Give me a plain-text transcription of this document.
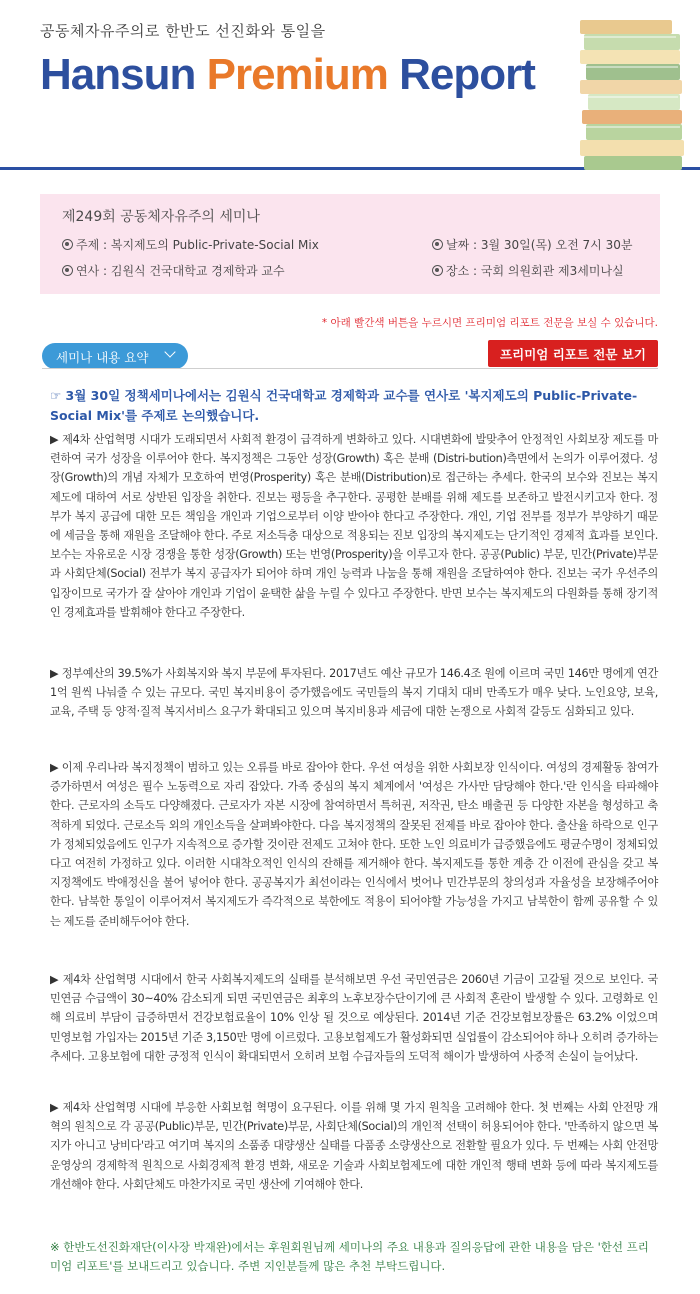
공동체자유주의로 한반도 선진화와 통일을
Hansun Premium Report
제249회 공동체자유주의 세미나
주제 : 복지제도의 Public-Private-Social Mix
연사 : 김원식 건국대학교 경제학과 교수
날짜 : 3월 30일(목) 오전 7시 30분
장소 : 국회 의원회관 제3세미나실
* 아래 빨간색 버튼을 누르시면 프리미엄 리포트 전문을 보실 수 있습니다.
세미나 내용 요약	프리미엄 리포트 전문 보기
☞ 3월 30일 정책세미나에서는 김원식 건국대학교 경제학과 교수를 연사로 '복지제도의 Public-Private-Social Mix'를 주제로 논의했습니다.
▶ 제4차 산업혁명 시대가 도래되면서 사회적 환경이 급격하게 변화하고 있다. 시대변화에 발맞추어 안정적인 사회보장 제도를 마련하여 국가 성장을 이루어야 한다. 복지정책은 그동안 성장(Growth) 혹은 분배 (Distri-bution)측면에서 논의가 이루어졌다. 성장(Growth)의 개념 자체가 모호하여 번영(Prosperity) 혹은 분배(Distribution)로 접근하는 추세다. 한국의 보수와 진보는 복지제도에 대하여 서로 상반된 입장을 취한다. 진보는 평등을 추구한다. 공평한 분배를 위해 제도를 보존하고 발전시키고자 한다. 정부가 복지 공급에 대한 모든 책임을 개인과 기업으로부터 이양 받아야 한다고 주장한다. 개인, 기업 전부를 정부가 부양하기 때문에 세금을 통해 재원을 조달해야 한다. 주로 저소득층 대상으로 적용되는 진보 입장의 복지제도는 단기적인 경제적 효과를 보인다. 보수는 자유로운 시장 경쟁을 통한 성장(Growth) 또는 번영(Prosperity)을 이루고자 한다. 공공(Public) 부문, 민간(Private)부문과 사회단체(Social) 전부가 복지 공급자가 되어야 하며 개인 능력과 나눔을 통해 재원을 조달하여야 한다. 진보는 국가 우선주의 입장이므로 국가가 잘 살아야 개인과 기업이 윤택한 삶을 누릴 수 있다고 주장한다. 반면 보수는 복지제도의 다원화를 통해 장기적인 경제효과를 발휘해야 한다고 주장한다.
▶ 정부예산의 39.5%가 사회복지와 복지 부문에 투자된다. 2017년도 예산 규모가 146.4조 원에 이르며 국민 146만 명에게 연간 1억 원씩 나눠줄 수 있는 규모다. 국민 복지비용이 증가했음에도 국민들의 복지 기대치 대비 만족도가 매우 낮다. 노인요양, 보육, 교육, 주택 등 양적·질적 복지서비스 요구가 확대되고 있으며 복지비용과 세금에 대한 논쟁으로 사회적 갈등도 심화되고 있다.
▶ 이제 우리나라 복지정책이 범하고 있는 오류를 바로 잡아야 한다. 우선 여성을 위한 사회보장 인식이다. 여성의 경제활동 참여가 증가하면서 여성은 필수 노동력으로 자리 잡았다. 가족 중심의 복지 체계에서 '여성은 가사만 담당해야 한다.'란 인식을 타파해야 한다. 근로자의 소득도 다양해졌다. 근로자가 자본 시장에 참여하면서 특허권, 저작권, 탄소 배출권 등 다양한 자본을 형성하고 축적하게 되었다. 근로소득 외의 개인소득을 살펴봐야한다. 다음 복지정책의 잘못된 전제를 바로 잡아야 한다. 출산율 하락으로 인구가 정체되었음에도 인구가 지속적으로 증가할 것이란 전제도 고쳐야 한다. 또한 노인 의료비가 급증했음에도 평균수명이 정체되었다고 여전히 가정하고 있다. 이러한 시대착오적인 인식의 잔해를 제거해야 한다. 복지제도를 통한 계층 간 이전에 관심을 갖고 복지정책에도 박애정신을 불어 넣어야 한다. 공공복지가 최선이라는 인식에서 벗어나 민간부문의 창의성과 자율성을 보장해주어야 한다. 남북한 통일이 이루어져서 복지제도가 즉각적으로 북한에도 적용이 되어야할 가능성을 가지고 남북한이 함께 공유할 수 있는 제도를 준비해두어야 한다.
▶ 제4차 산업혁명 시대에서 한국 사회복지제도의 실태를 분석해보면 우선 국민연금은 2060년 기금이 고갈될 것으로 보인다. 국민연금 수급액이 30~40% 감소되게 되면 국민연금은 최후의 노후보장수단이기에 큰 사회적 혼란이 발생할 수 있다. 고령화로 인해 의료비 부담이 급증하면서 건강보험료율이 10% 인상 될 것으로 예상된다. 2014년 기준 건강보험보장률은 63.2% 이었으며 민영보험 가입자는 2015년 기준 3,150만 명에 이르렀다. 고용보험제도가 활성화되면 실업률이 감소되어야 하나 오히려 증가하는 추세다. 고용보험에 대한 긍정적 인식이 확대되면서 오히려 보험 수급자들의 도덕적 해이가 발생하여 사중적 손실이 늘어났다.
▶ 제4차 산업혁명 시대에 부응한 사회보험 혁명이 요구된다. 이를 위해 몇 가지 원칙을 고려해야 한다. 첫 번째는 사회 안전망 개혁의 원칙으로 각 공공(Public)부문, 민간(Private)부문, 사회단체(Social)의 개인적 선택이 허용되어야 한다. '만족하지 않으면 복지가 아니고 낭비다'라고 여기며 복지의 소품종 대량생산 실태를 다품종 소량생산으로 전환할 필요가 있다. 두 번째는 사회 안전망 운영상의 경제학적 원칙으로 사회경제적 환경 변화, 새로운 기술과 사회보험제도에 대한 개인적 행태 변화 등에 따라 복지제도를 개선해야 한다. 사회단체도 마찬가지로 국민 생산에 기여해야 한다.
※ 한반도선진화재단(이사장 박재완)에서는 후원회원님께 세미나의 주요 내용과 질의응답에 관한 내용을 담은 '한선 프리미엄 리포트'를 보내드리고 있습니다. 주변 지인분들께 많은 추천 부탁드립니다.
